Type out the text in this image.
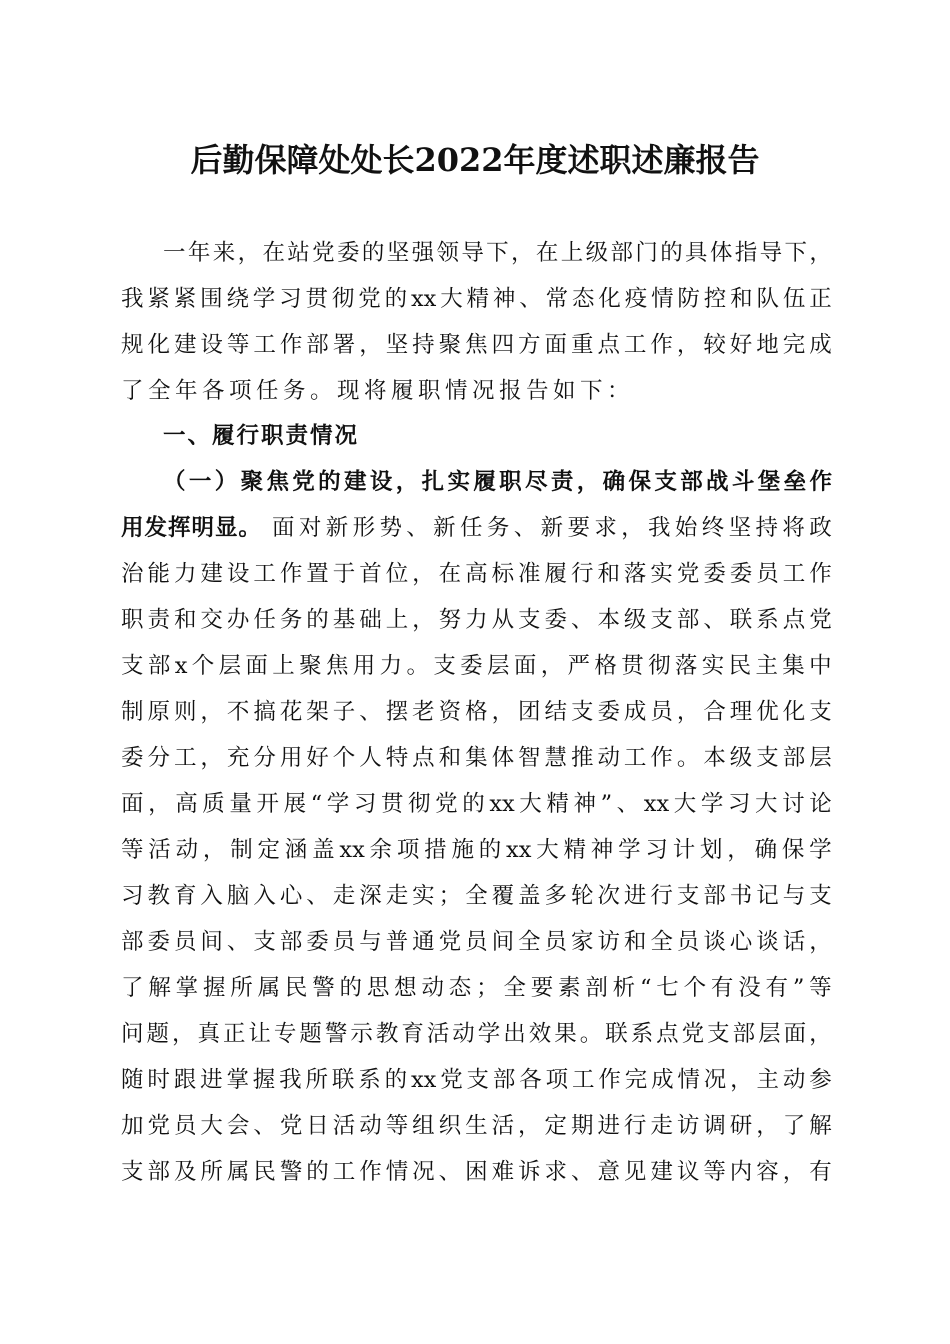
后勤保障处处长2022年度述职述廉报告
一 年 来 ， 在 站 党 委 的 坚 强 领 导 下 ， 在 上 级 部 门 的 具 体 指 导 下 ，
我 紧 紧 围 绕 学 习 贯 彻 党 的 xx 大 精 神 、 常 态 化 疫 情 防 控 和 队 伍 正
规 化 建 设 等 工 作 部 署 ， 坚 持 聚 焦 四 方 面 重 点 工 作 ， 较 好 地 完 成
了全年各项任务。现将履职情况报告如下：
一、履行职责情况
（ 一 ） 聚 焦 党 的 建 设 ， 扎 实 履 职 尽 责 ， 确 保 支 部 战 斗 堡 垒 作
用 发 挥 明 显 。 面 对 新 形 势 、 新 任 务 、 新 要 求 ， 我 始 终 坚 持 将 政
治 能 力 建 设 工 作 置 于 首 位 ， 在 高 标 准 履 行 和 落 实 党 委 委 员 工 作
职 责 和 交 办 任 务 的 基 础 上 ， 努 力 从 支 委 、 本 级 支 部 、 联 系 点 党
支 部 x 个 层 面 上 聚 焦 用 力 。 支 委 层 面 ， 严 格 贯 彻 落 实 民 主 集 中
制 原 则 ， 不 搞 花 架 子 、 摆 老 资 格 ， 团 结 支 委 成 员 ， 合 理 优 化 支
委 分 工 ， 充 分 用 好 个 人 特 点 和 集 体 智 慧 推 动 工 作 。 本 级 支 部 层
面 ， 高 质 量 开 展 “ 学 习 贯 彻 党 的 xx 大 精 神 ” 、 xx 大 学 习 大 讨 论
等 活 动 ， 制 定 涵 盖 xx 余 项 措 施 的 xx 大 精 神 学 习 计 划 ， 确 保 学
习 教 育 入 脑 入 心 、 走 深 走 实 ； 全 覆 盖 多 轮 次 进 行 支 部 书 记 与 支
部 委 员 间 、 支 部 委 员 与 普 通 党 员 间 全 员 家 访 和 全 员 谈 心 谈 话 ，
了 解 掌 握 所 属 民 警 的 思 想 动 态 ； 全 要 素 剖 析 “ 七 个 有 没 有 ” 等
问 题 ， 真 正 让 专 题 警 示 教 育 活 动 学 出 效 果 。 联 系 点 党 支 部 层 面 ，
随 时 跟 进 掌 握 我 所 联 系 的 xx 党 支 部 各 项 工 作 完 成 情 况 ， 主 动 参
加 党 员 大 会 、 党 日 活 动 等 组 织 生 活 ， 定 期 进 行 走 访 调 研 ， 了 解
支 部 及 所 属 民 警 的 工 作 情 况 、 困 难 诉 求 、 意 见 建 议 等 内 容 ， 有
